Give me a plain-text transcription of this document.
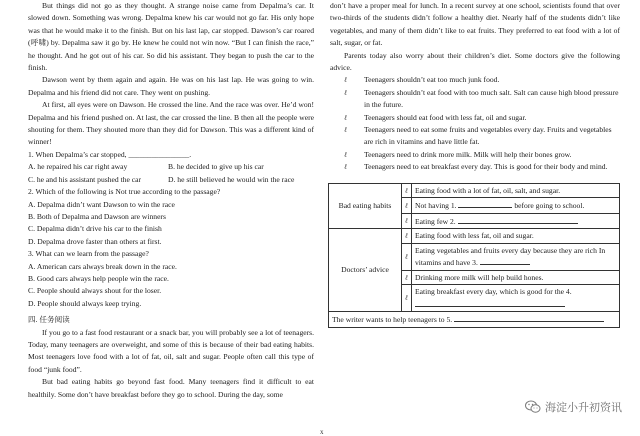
But things did not go as they thought. A strange noise came from Depalma’s car. It slowed down. Something was wrong. Depalma knew his car would not go far. His only hope was that he would make it to the finish. But on his last lap, car stopped. Dawson’s car roared (呼啸) by. Depalma saw it go by. He knew he could not win now. “But I can finish the race,” he thought. And he got out of his car. So did his assistant. They began to push the car to the finish.

Dawson went by them again and again. He was on his last lap. He was going to win. Depalma and his friend did not care. They went on pushing.

At first, all eyes were on Dawson. He crossed the line. And the race was over. He’d won! Depalma and his friend pushed on. At last, the car crossed the line. B then all the people were shouting for them. They shouted more than they did for Dawson. This was a different kind of winner!

1. When Depalma’s car stopped, ________________.

A. he repaired his car right away	B. he decided to give up his car
C. he and his assistant pushed the car	D. he still believed he would win the race

2. Which of the following is Not true according to the passage?

A. Depalma didn’t want Dawson to win the race

B. Both of Depalma and Dawson are winners

C. Depalma didn’t drive his car to the finish

D. Depalma drove faster than others at first.

3. What can we learn from the passage?

A. American cars always break down in the race.

B. Good cars always help people win the race.

C. People should always shout for the loser.

D. People should always keep trying.

四. 任务阅读

If you go to a fast food restaurant or a snack bar, you will probably see a lot of teenagers. Today, many teenagers are overweight, and some of this is because of their bad eating habits. Most teenagers love food with a lot of fat, oil, salt and sugar. People often call this type of food “junk food”.

But bad eating habits go beyond fast food. Many teenagers find it difficult to eat healthily. Some don’t have breakfast before they go to school. During the day, some

don’t have a proper meal for lunch. In a recent survey at one school, scientists found that over two-thirds of the students didn’t follow a healthy diet. Nearly half of the students didn’t like vegetables, and many of them didn’t like to eat fruits. They preferred to eat food with a lot of salt, sugar, or fat.

Parents today also worry about their children’s diet. Some doctors give the following advice.

ℓ Teenagers shouldn’t eat too much junk food.
ℓ Teenagers shouldn’t eat food with too much salt. Salt can cause high blood pressure in the future.
ℓ Teenagers should eat food with less fat, oil and sugar.
ℓ Teenagers need to eat some fruits and vegetables every day. Fruits and vegetables are rich in vitamins and have little fat.
ℓ Teenagers need to drink more milk. Milk will help their bones grow.
ℓ Teenagers need to eat breakfast every day. This is good for their body and mind.
Bad eating habits	ℓ	Eating food with a lot of fat, oil, salt, and sugar.
	ℓ	Not having 1. before going to school.
	ℓ	Eating few 2.
Doctors’ advice	ℓ	Eating food with less fat, oil and sugar.
	ℓ	Eating vegetables and fruits every day because they are rich In vitamins and have 3.
	ℓ	Drinking more milk will help build hones.
	ℓ	Eating breakfast every day, which is good for the 4.
The writer wants to help teenagers to 5.		
海淀小升初资讯
x
